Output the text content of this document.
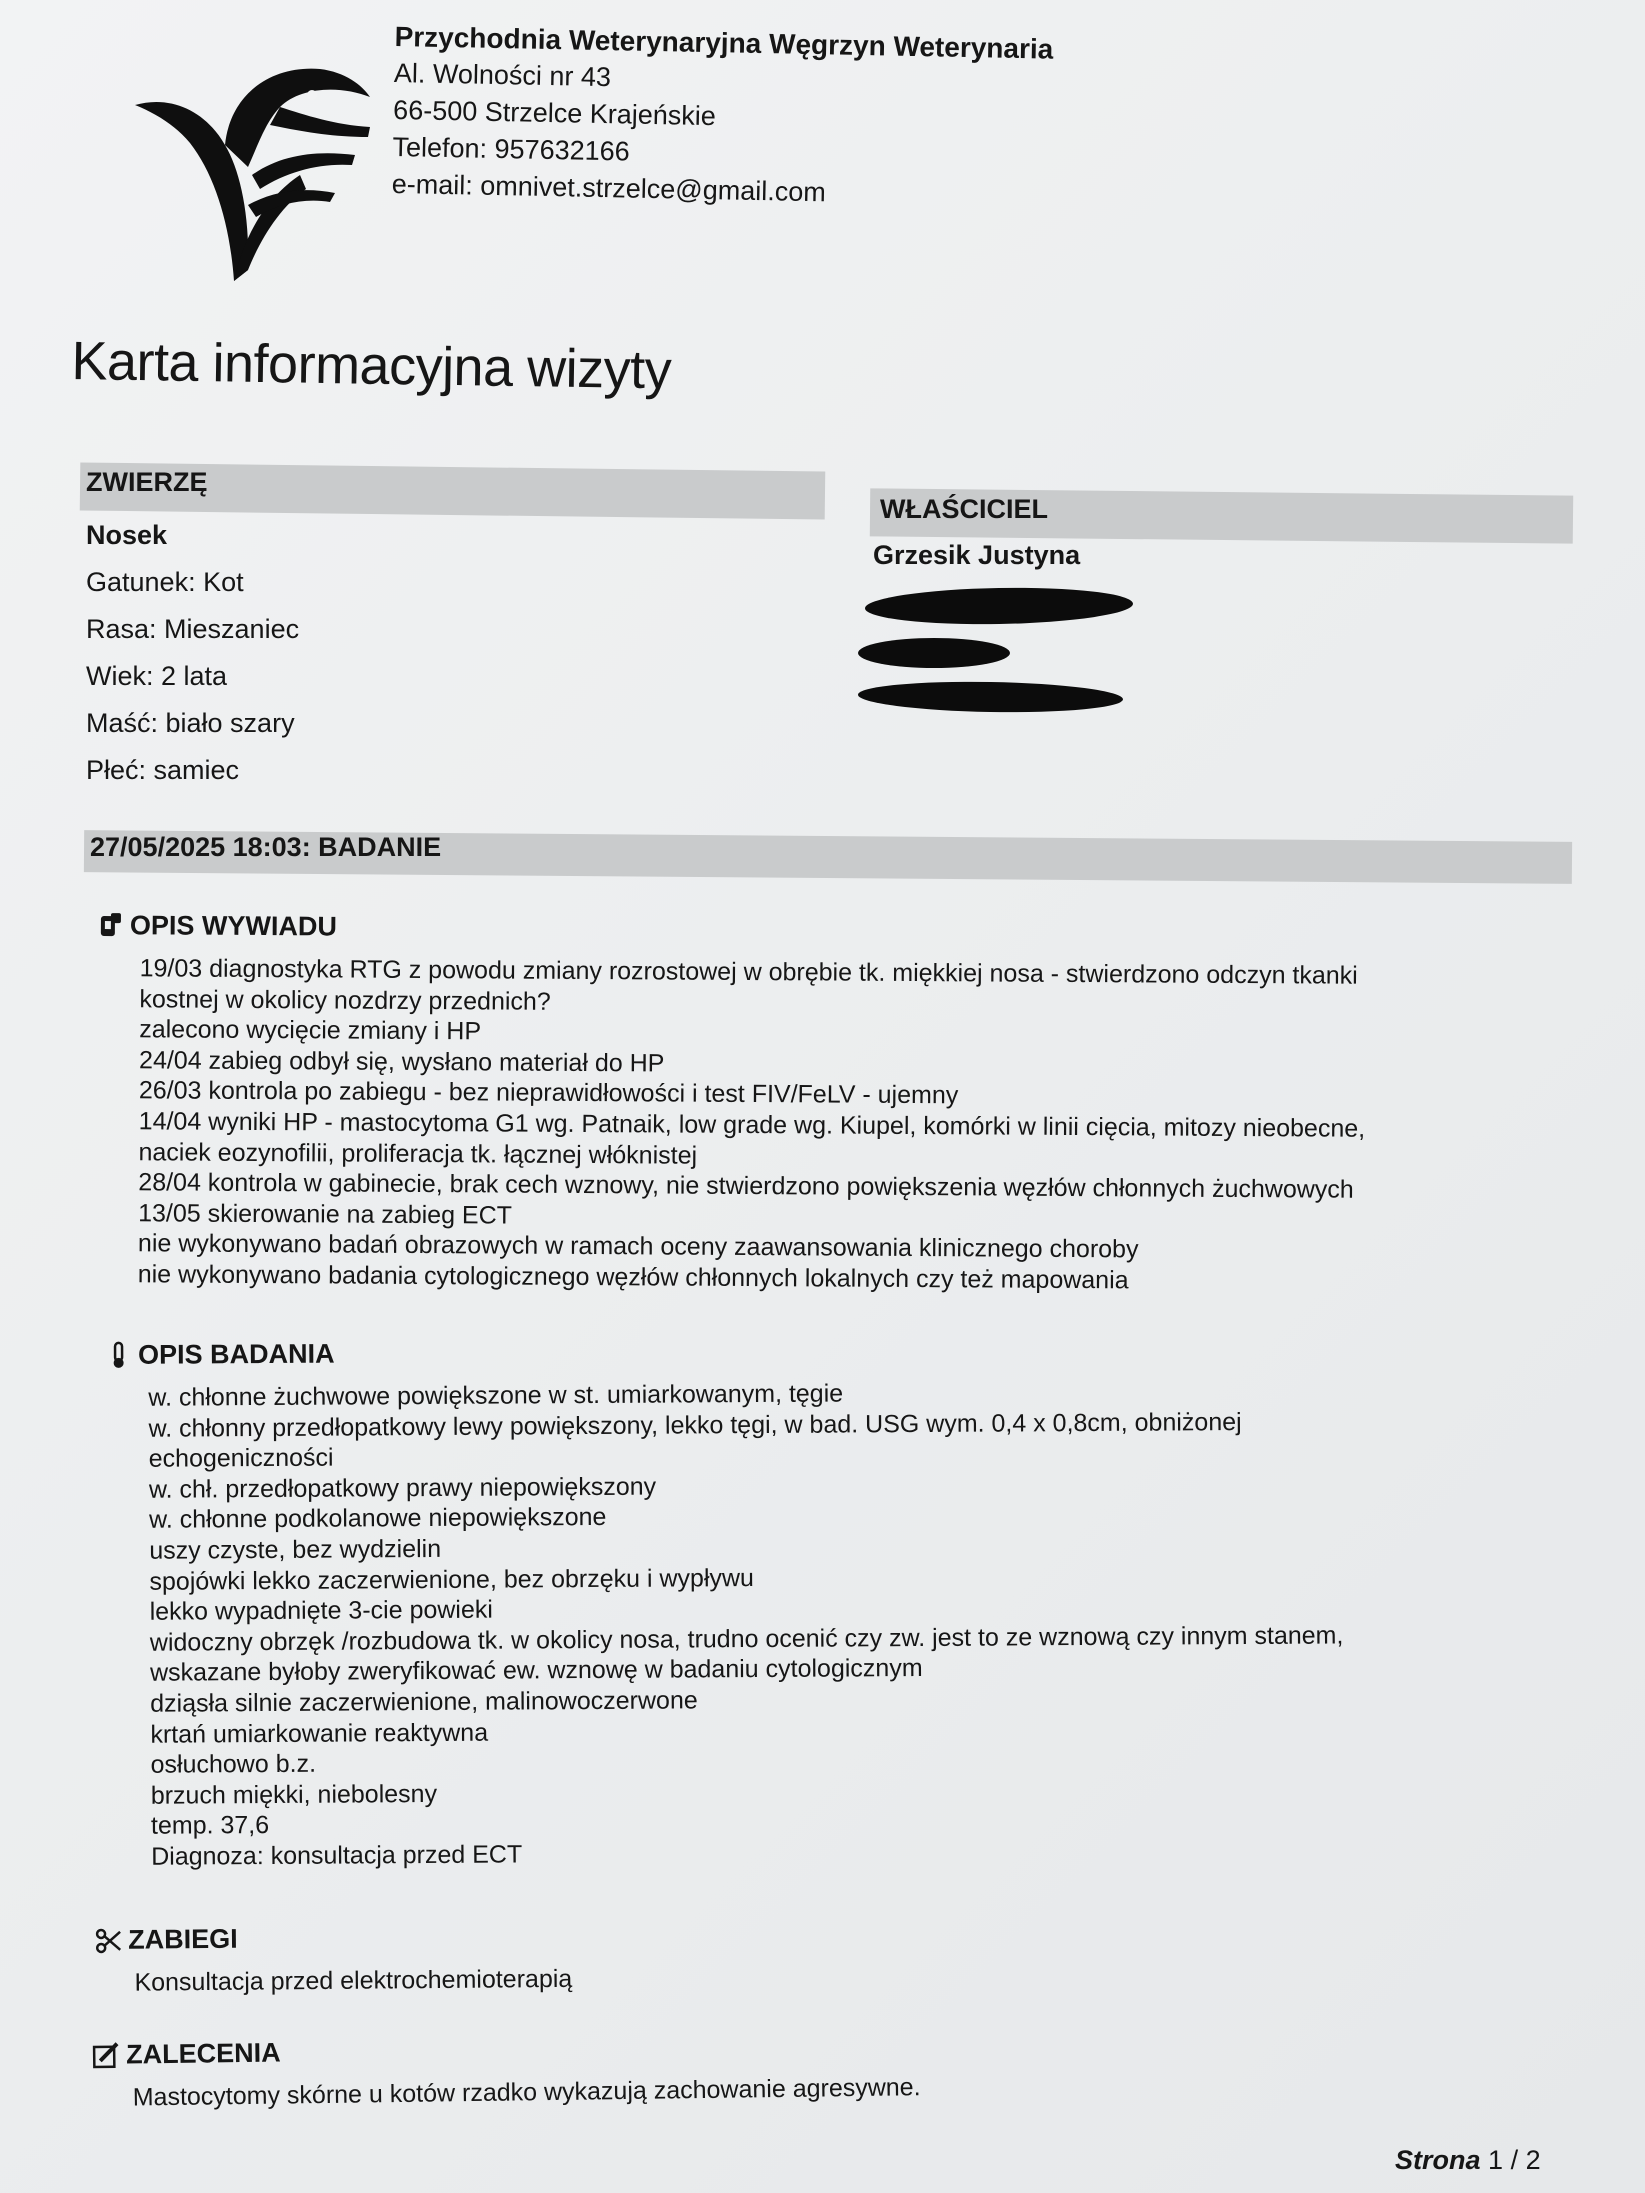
Przychodnia Weterynaryjna Węgrzyn Weterynaria
Al. Wolności nr 43
66-500 Strzelce Krajeńskie
Telefon: 957632166
e-mail: omnivet.strzelce@gmail.com
Karta informacyjna wizyty
ZWIERZĘ
Nosek
Gatunek: Kot
Rasa: Mieszaniec
Wiek: 2 lata
Maść: biało szary
Płeć: samiec
WŁAŚCICIEL
Grzesik Justyna
27/05/2025 18:03: BADANIE
OPIS WYWIADU
19/03 diagnostyka RTG z powodu zmiany rozrostowej w obrębie tk. miękkiej nosa - stwierdzono odczyn tkanki
kostnej w okolicy nozdrzy przednich?
zalecono wycięcie zmiany i HP
24/04 zabieg odbył się, wysłano materiał do HP
26/03 kontrola po zabiegu - bez nieprawidłowości i test FIV/FeLV - ujemny
14/04 wyniki HP - mastocytoma G1 wg. Patnaik, low grade wg. Kiupel, komórki w linii cięcia, mitozy nieobecne,
naciek eozynofilii, proliferacja tk. łącznej włóknistej
28/04 kontrola w gabinecie, brak cech wznowy, nie stwierdzono powiększenia węzłów chłonnych żuchwowych
13/05 skierowanie na zabieg ECT
nie wykonywano badań obrazowych w ramach oceny zaawansowania klinicznego choroby
nie wykonywano badania cytologicznego węzłów chłonnych lokalnych czy też mapowania
OPIS BADANIA
w. chłonne żuchwowe powiększone w st. umiarkowanym, tęgie
w. chłonny przedłopatkowy lewy powiększony, lekko tęgi, w bad. USG wym. 0,4 x 0,8cm, obniżonej
echogeniczności
w. chł. przedłopatkowy prawy niepowiększony
w. chłonne podkolanowe niepowiększone
uszy czyste, bez wydzielin
spojówki lekko zaczerwienione, bez obrzęku i wypływu
lekko wypadnięte 3-cie powieki
widoczny obrzęk /rozbudowa tk. w okolicy nosa, trudno ocenić czy zw. jest to ze wznową czy innym stanem,
wskazane byłoby zweryfikować ew. wznowę w badaniu cytologicznym
dziąsła silnie zaczerwienione, malinowoczerwone
krtań umiarkowanie reaktywna
osłuchowo b.z.
brzuch miękki, niebolesny
temp. 37,6
Diagnoza: konsultacja przed ECT
ZABIEGI
Konsultacja przed elektrochemioterapią
ZALECENIA
Mastocytomy skórne u kotów rzadko wykazują zachowanie agresywne.
Strona 1 / 2
